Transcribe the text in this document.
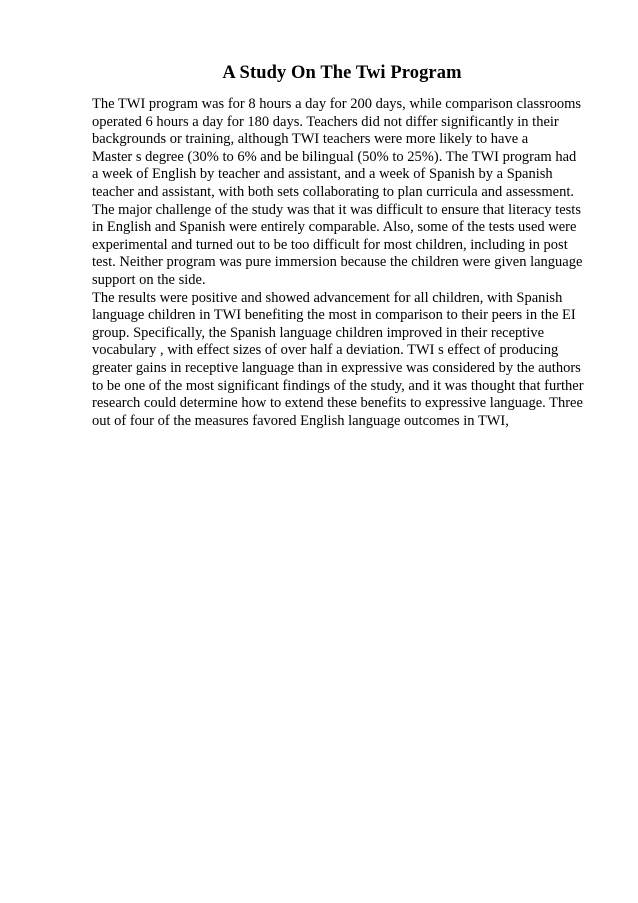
A Study On The Twi Program
The TWI program was for 8 hours a day for 200 days, while comparison classrooms
operated 6 hours a day for 180 days. Teachers did not differ significantly in their
backgrounds or training, although TWI teachers were more likely to have a
Master s degree (30% to 6% and be bilingual (50% to 25%). The TWI program had
a week of English by teacher and assistant, and a week of Spanish by a Spanish
teacher and assistant, with both sets collaborating to plan curricula and assessment.
The major challenge of the study was that it was difficult to ensure that literacy tests
in English and Spanish were entirely comparable. Also, some of the tests used were
experimental and turned out to be too difficult for most children, including in post
test. Neither program was pure immersion because the children were given language
support on the side.
The results were positive and showed advancement for all children, with Spanish
language children in TWI benefiting the most in comparison to their peers in the EI
group. Specifically, the Spanish language children improved in their receptive
vocabulary , with effect sizes of over half a deviation. TWI s effect of producing
greater gains in receptive language than in expressive was considered by the authors
to be one of the most significant findings of the study, and it was thought that further
research could determine how to extend these benefits to expressive language. Three
out of four of the measures favored English language outcomes in TWI,
